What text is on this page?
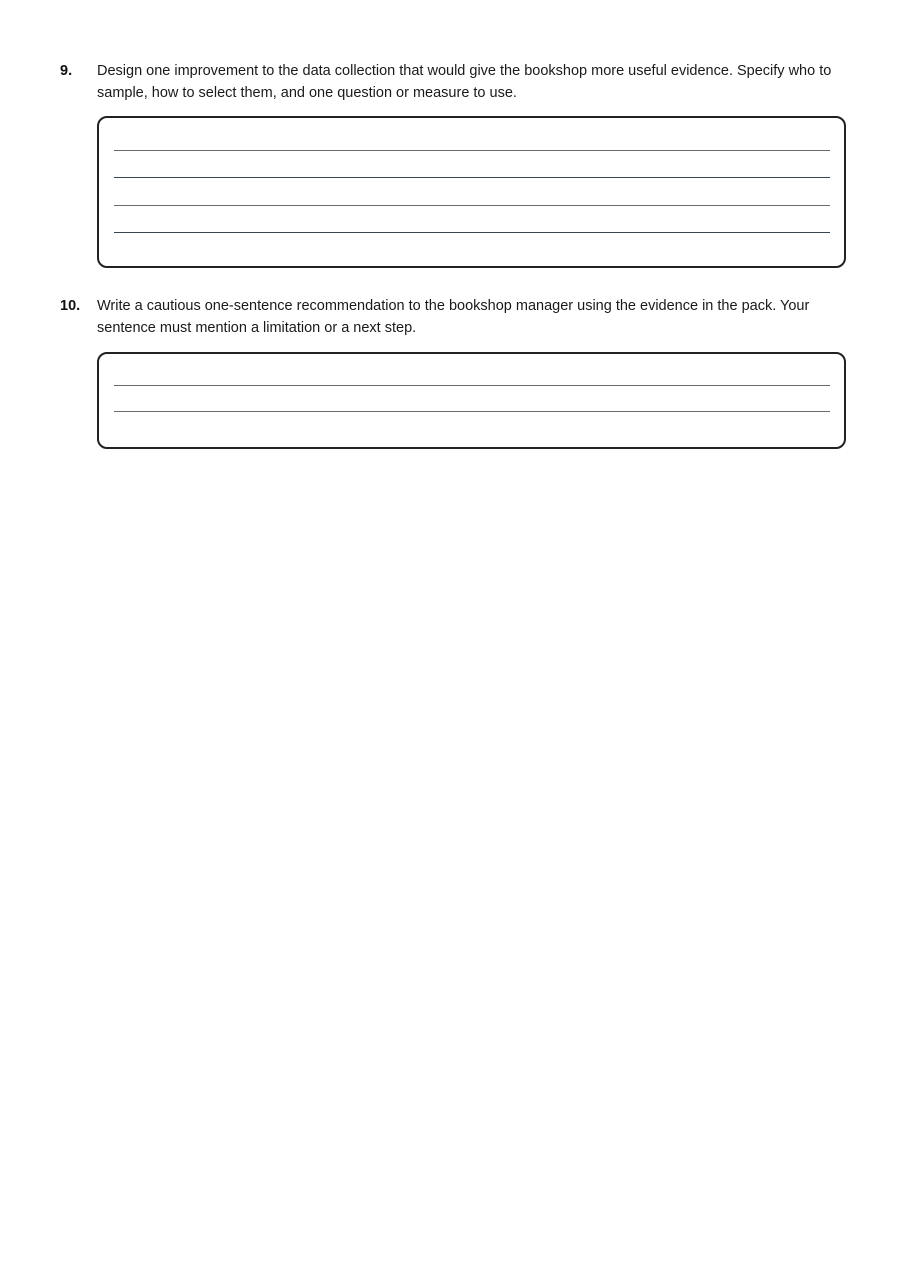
9. Design one improvement to the data collection that would give the bookshop more useful evidence. Specify who to sample, how to select them, and one question or measure to use.
10. Write a cautious one-sentence recommendation to the bookshop manager using the evidence in the pack. Your sentence must mention a limitation or a next step.
